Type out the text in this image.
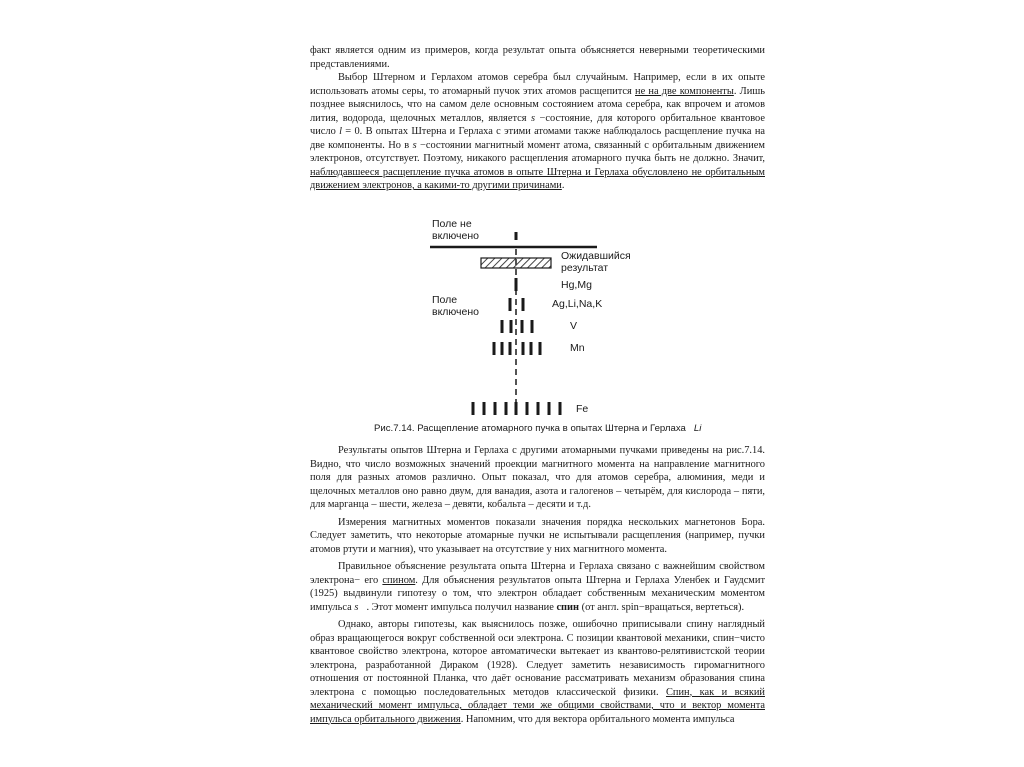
факт является одним из примеров, когда результат опыта объясняется неверными теоретическими представлениями.

Выбор Штерном и Герлахом атомов серебра был случайным. Например, если в их опыте использовать атомы серы, то атомарный пучок этих атомов расщепится не на две компоненты. Лишь позднее выяснилось, что на самом деле основным состоянием атома серебра, как впрочем и атомов лития, водорода, щелочных металлов, является s −состояние, для которого орбитальное квантовое число l = 0. В опытах Штерна и Герлаха с этими атомами также наблюдалось расщепление пучка на две компоненты. Но в s −состоянии магнитный момент атома, связанный с орбитальным движением электронов, отсутствует. Поэтому, никакого расщепления атомарного пучка быть не должно. Значит, наблюдавшееся расщепление пучка атомов в опыте Штерна и Герлаха обусловлено не орбитальным движением электронов, а какими-то другими причинами.

Поле не
включено
Ожидавшийся
результат
Hg,Mg
Поле
включено
Ag,Li,Na,K
V
Mn
Fe
Рис.7.14. Расщепление атомарного пучка в опытах Штерна и Герлаха Li

Результаты опытов Штерна и Герлаха с другими атомарными пучками приведены на рис.7.14. Видно, что число возможных значений проекции магнитного момента на направление магнитного поля для разных атомов различно. Опыт показал, что для атомов серебра, алюминия, меди и щелочных металлов оно равно двум, для ванадия, азота и галогенов – четырём, для кислорода – пяти, для марганца – шести, железа – девяти, кобальта – десяти и т.д.

Измерения магнитных моментов показали значения порядка нескольких магнетонов Бора. Следует заметить, что некоторые атомарные пучки не испытывали расщепления (например, пучки атомов ртути и магния), что указывает на отсутствие у них магнитного момента.

Правильное объяснение результата опыта Штерна и Герлаха связано с важнейшим свойством электрона− его спином. Для объяснения результатов опыта Штерна и Герлаха Уленбек и Гаудсмит (1925) выдвинули гипотезу о том, что электрон обладает собственным механическим моментом импульса s⃗. Этот момент импульса получил название спин (от англ. spin−вращаться, вертеться).

Однако, авторы гипотезы, как выяснилось позже, ошибочно приписывали спину наглядный образ вращающегося вокруг собственной оси электрона. С позиции квантовой механики, спин−чисто квантовое свойство электрона, которое автоматически вытекает из квантово-релятивистской теории электрона, разработанной Дираком (1928). Следует заметить независимость гиромагнитного отношения от постоянной Планка, что даёт основание рассматривать механизм образования спина электрона с помощью последовательных методов классической физики. Спин, как и всякий механический момент импульса, обладает теми же общими свойствами, что и вектор момента импульса орбитального движения. Напомним, что для вектора орбитального момента импульса
